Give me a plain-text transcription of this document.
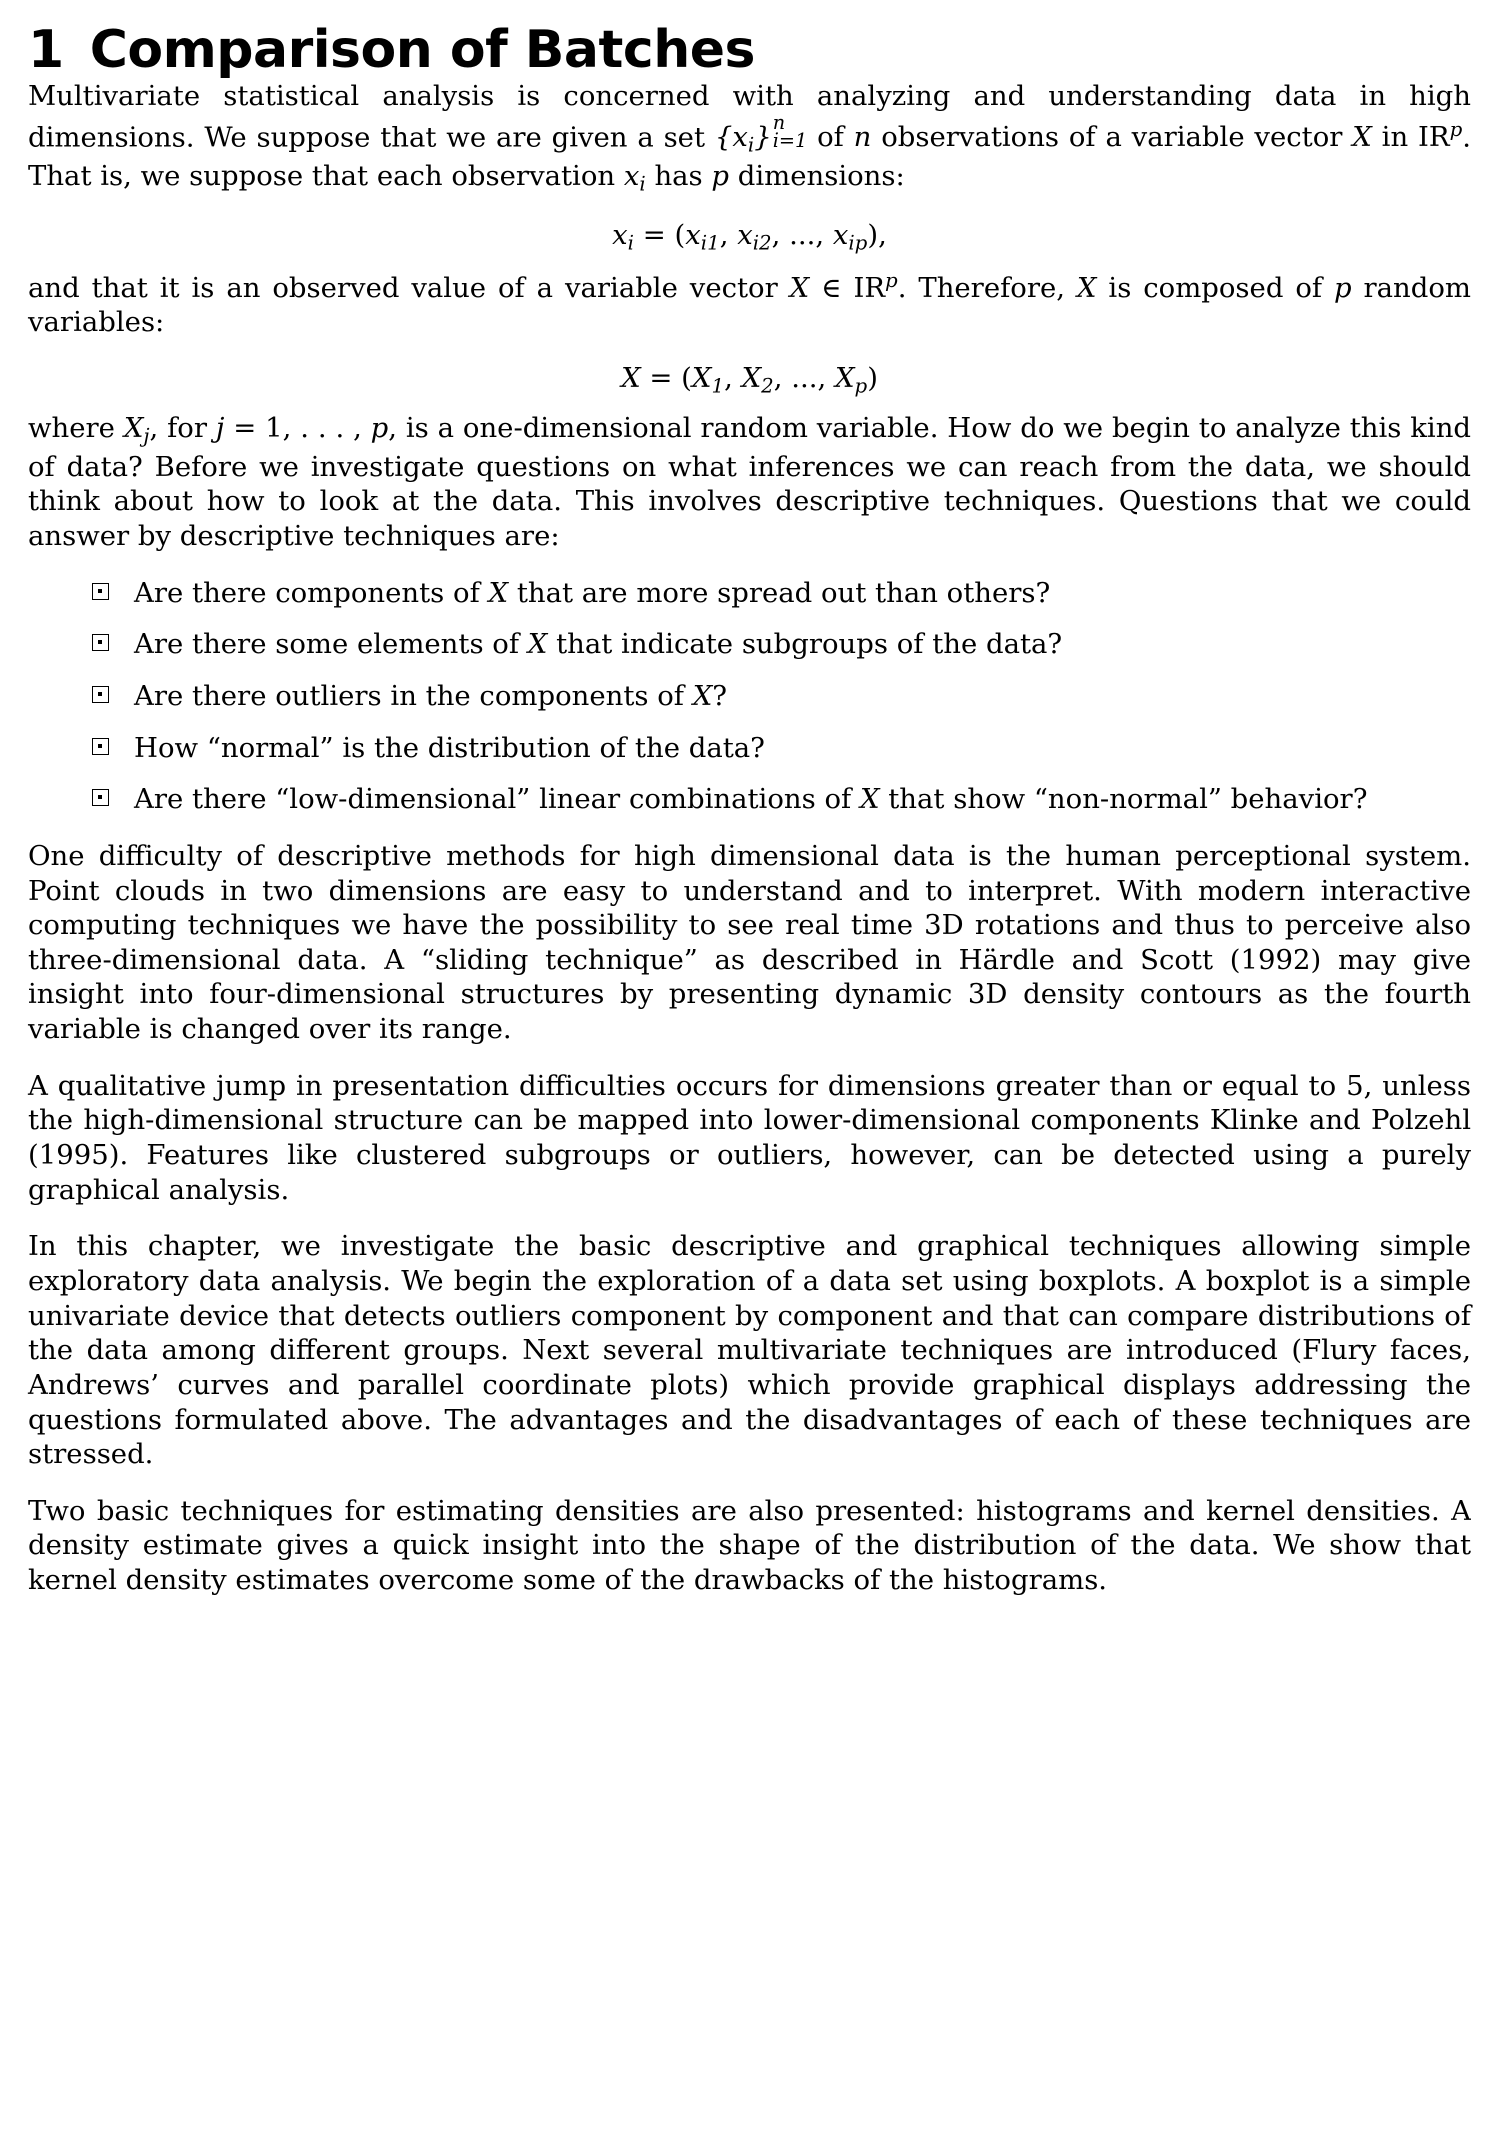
1 Comparison of Batches

Multivariate statistical analysis is concerned with analyzing and understanding data in high dimensions. We suppose that we are given a set $\{x_i\}$ n
i=1 of n observations of a variable vector X in $IR^p$. That is, we suppose that each observation $x_i$ has p dimensions:

$x_i = (x_{i1}$, $x_{i2}$, ..., $x_{ip}$),

and that it is an observed value of a variable vector X ∈ $IR^p$. Therefore, X is composed of p random variables:

$X = (X_1$, $X_2$, ..., $X_p$)

where $X_j$, for j = 1, . . . , p, is a one-dimensional random variable. How do we begin to analyze this kind of data? Before we investigate questions on what inferences we can reach from the data, we should think about how to look at the data. This involves descriptive techniques. Questions that we could answer by descriptive techniques are:

Are there components of X that are more spread out than others?
Are there some elements of X that indicate subgroups of the data?
Are there outliers in the components of X?
How “normal” is the distribution of the data?
Are there “low-dimensional” linear combinations of X that show “non-normal” behavior?

One difficulty of descriptive methods for high dimensional data is the human perceptional system. Point clouds in two dimensions are easy to understand and to interpret. With modern interactive computing techniques we have the possibility to see real time 3D rotations and thus to perceive also three-dimensional data. A “sliding technique” as described in Härdle and Scott (1992) may give insight into four-dimensional structures by presenting dynamic 3D density contours as the fourth variable is changed over its range.

A qualitative jump in presentation difficulties occurs for dimensions greater than or equal to 5, unless the high-dimensional structure can be mapped into lower-dimensional components Klinke and Polzehl (1995). Features like clustered subgroups or outliers, however, can be detected using a purely graphical analysis.

In this chapter, we investigate the basic descriptive and graphical techniques allowing simple exploratory data analysis. We begin the exploration of a data set using boxplots. A boxplot is a simple univariate device that detects outliers component by component and that can compare distributions of the data among different groups. Next several multivariate techniques are introduced (Flury faces, Andrews’ curves and parallel coordinate plots) which provide graphical displays addressing the questions formulated above. The advantages and the disadvantages of each of these techniques are stressed.

Two basic techniques for estimating densities are also presented: histograms and kernel densities. A density estimate gives a quick insight into the shape of the distribution of the data. We show that kernel density estimates overcome some of the drawbacks of the histograms.
